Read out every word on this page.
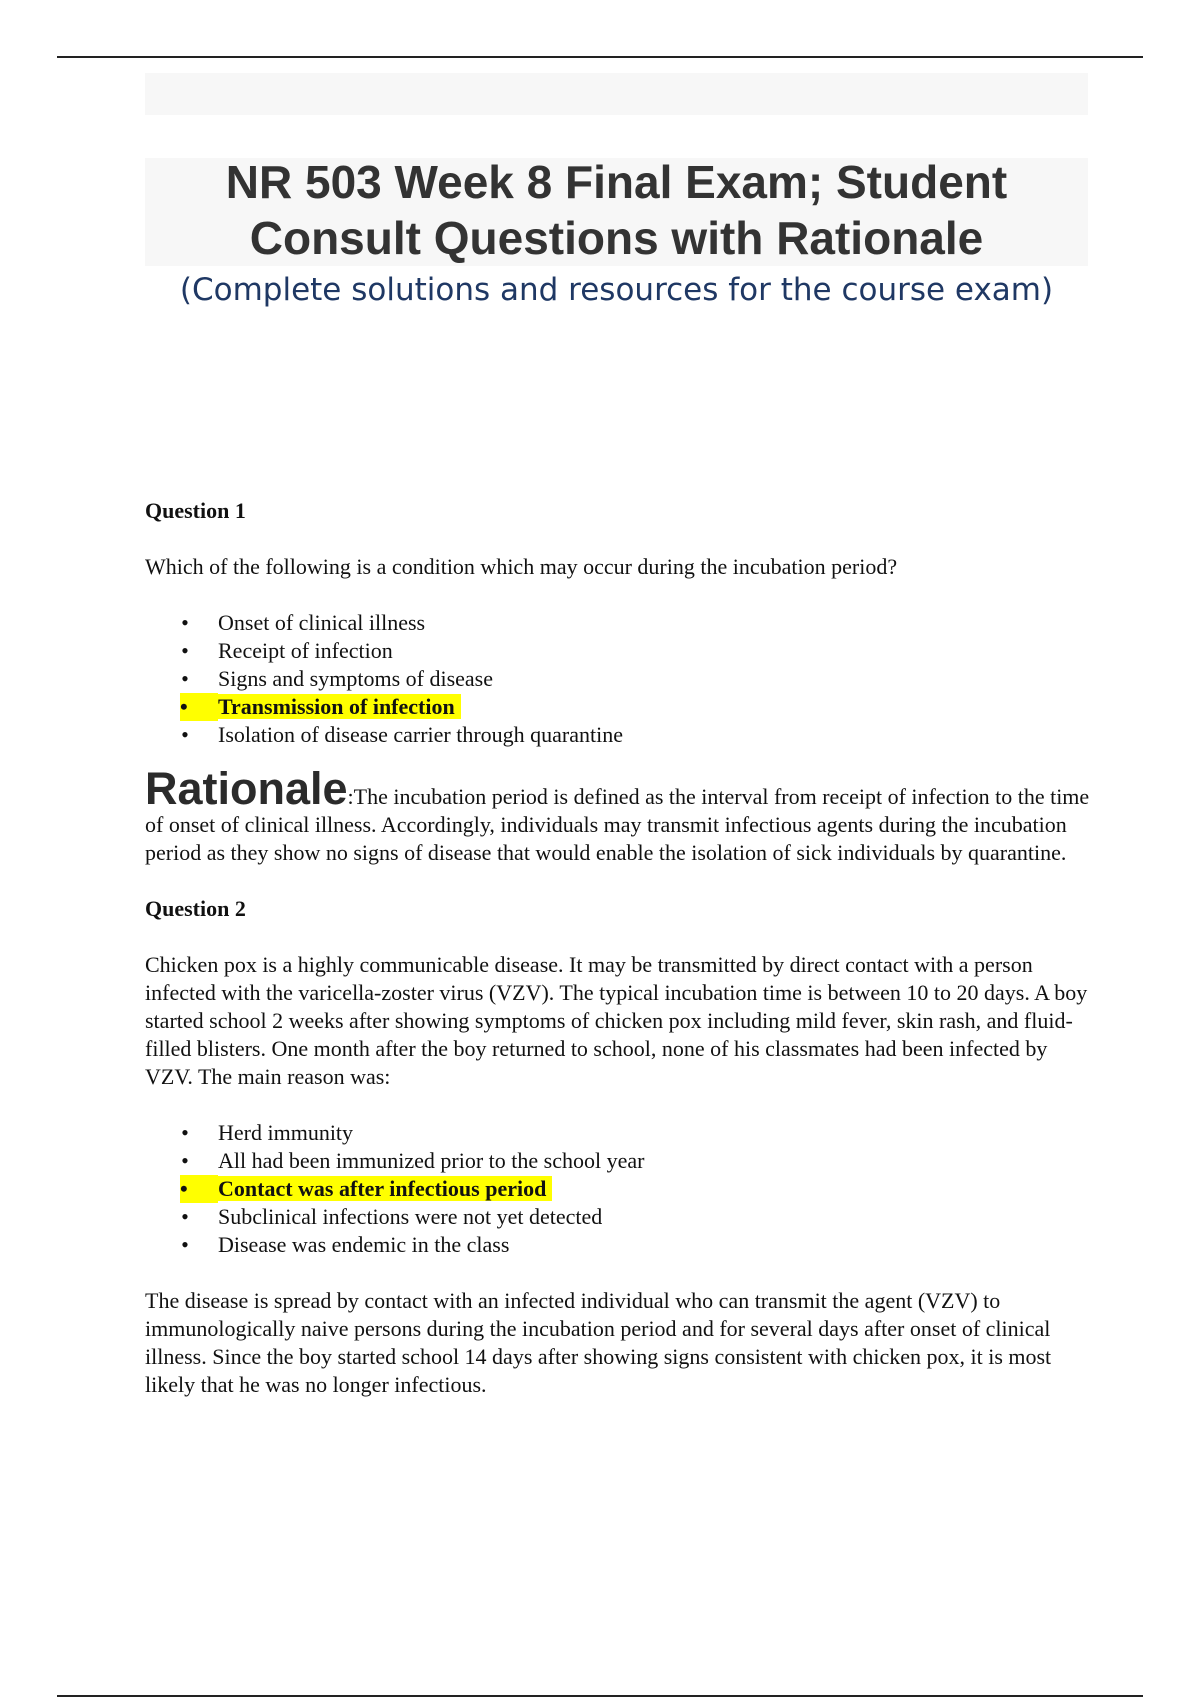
NR 503 Week 8 Final Exam; Student Consult Questions with Rationale

(Complete solutions and resources for the course exam)

Question 1

Which of the following is a condition which may occur during the incubation period?

• Onset of clinical illness
• Receipt of infection
• Signs and symptoms of disease
•	Transmission of infection
• Isolation of disease carrier through quarantine

Rationale:The incubation period is defined as the interval from receipt of infection to the time of onset of clinical illness. Accordingly, individuals may transmit infectious agents during the incubation period as they show no signs of disease that would enable the isolation of sick individuals by quarantine.

Question 2

Chicken pox is a highly communicable disease. It may be transmitted by direct contact with a person infected with the varicella-zoster virus (VZV). The typical incubation time is between 10 to 20 days. A boy started school 2 weeks after showing symptoms of chicken pox including mild fever, skin rash, and fluid-filled blisters. One month after the boy returned to school, none of his classmates had been infected by VZV. The main reason was:

• Herd immunity
• All had been immunized prior to the school year
•	Contact was after infectious period
• Subclinical infections were not yet detected
• Disease was endemic in the class

The disease is spread by contact with an infected individual who can transmit the agent (VZV) to immunologically naive persons during the incubation period and for several days after onset of clinical illness. Since the boy started school 14 days after showing signs consistent with chicken pox, it is most likely that he was no longer infectious.
